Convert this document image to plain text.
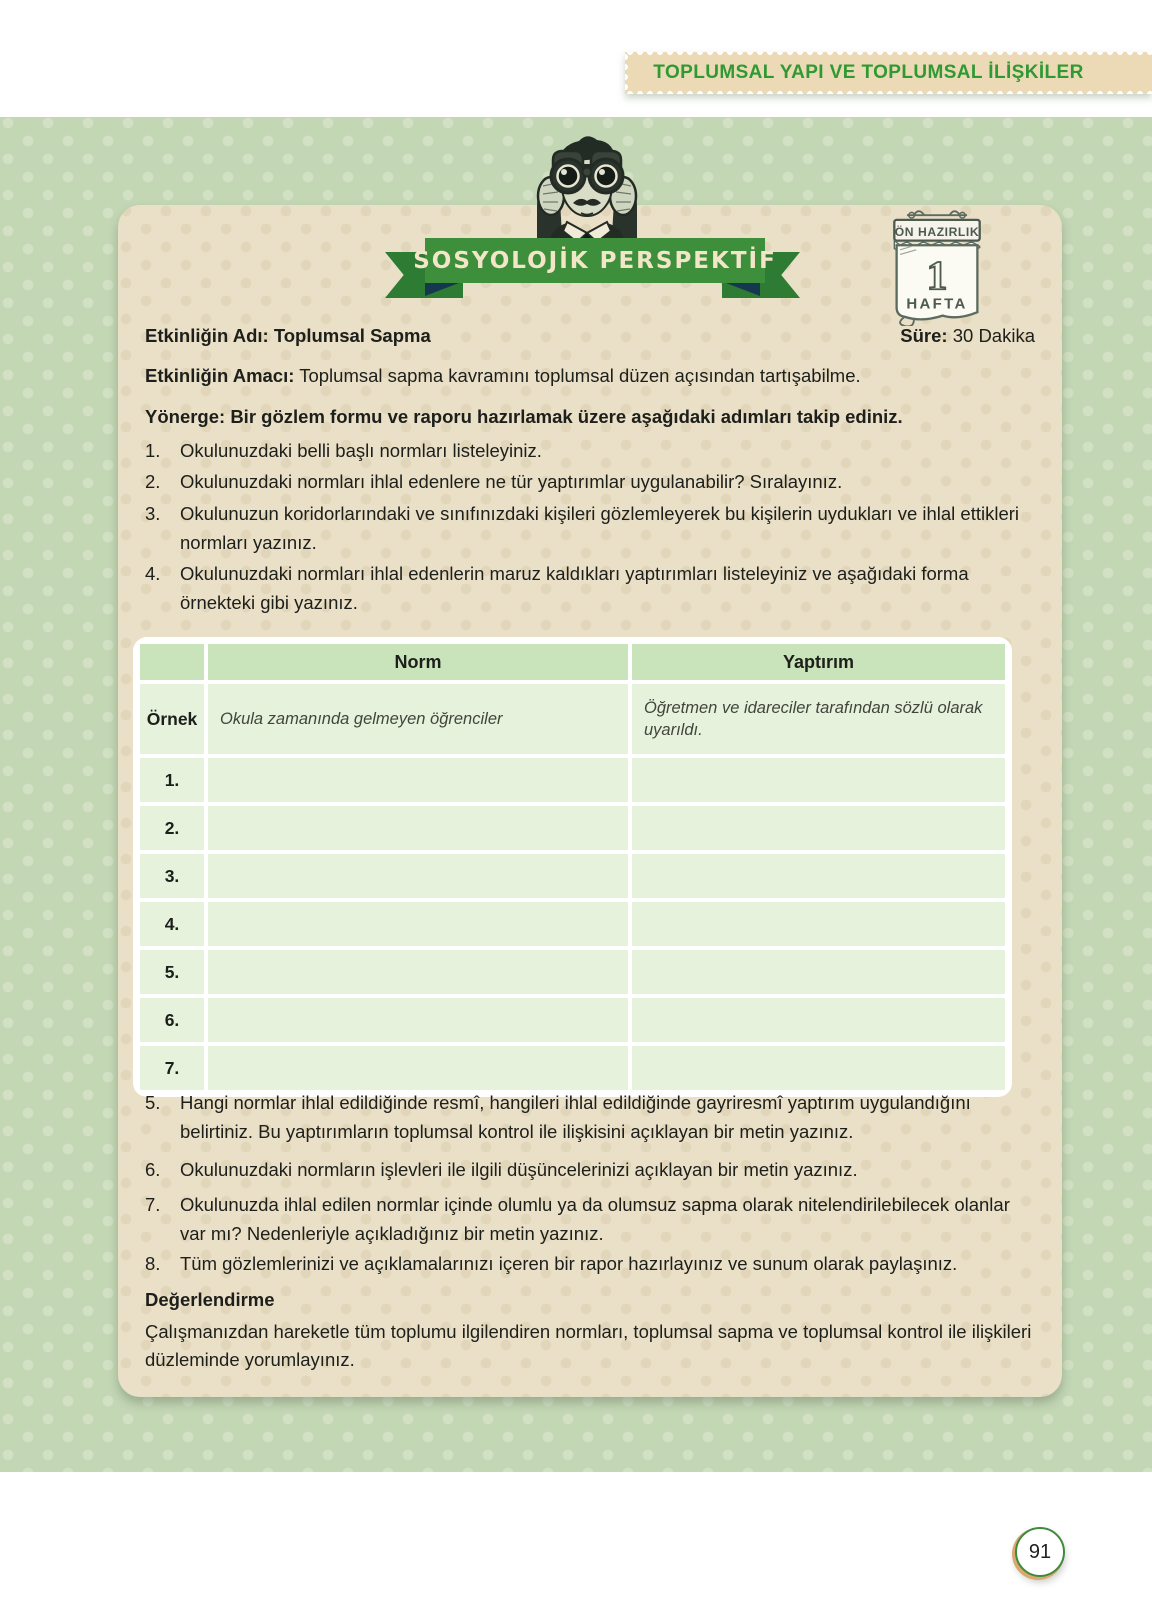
TOPLUMSAL YAPI VE TOPLUMSAL İLİŞKİLER
Etkinliğin Adı: Toplumsal Sapma	Süre: 30 Dakika
Etkinliğin Amacı: Toplumsal sapma kavramını toplumsal düzen açısından tartışabilme.
Yönerge: Bir gözlem formu ve raporu hazırlamak üzere aşağıdaki adımları takip ediniz.
1.	Okulunuzdaki belli başlı normları listeleyiniz.
2.	Okulunuzdaki normları ihlal edenlere ne tür yaptırımlar uygulanabilir? Sıralayınız.
3.	Okulunuzun koridorlarındaki ve sınıfınızdaki kişileri gözlemleyerek bu kişilerin uydukları ve ihlal ettikleri normları yazınız.
4.	Okulunuzdaki normları ihlal edenlerin maruz kaldıkları yaptırımları listeleyiniz ve aşağıdaki forma örnekteki gibi yazınız.
	Norm	Yaptırım
Örnek	Okula zamanında gelmeyen öğrenciler	Öğretmen ve idareciler tarafından sözlü olarak uyarıldı.
1.		
2.		
3.		
4.		
5.		
6.		
7.		
5.	Hangi normlar ihlal edildiğinde resmî, hangileri ihlal edildiğinde gayriresmî yaptırım uygulandığını belirtiniz. Bu yaptırımların toplumsal kontrol ile ilişkisini açıklayan bir metin yazınız.
6.	Okulunuzdaki normların işlevleri ile ilgili düşüncelerinizi açıklayan bir metin yazınız.
7.	Okulunuzda ihlal edilen normlar içinde olumlu ya da olumsuz sapma olarak nitelendirilebilecek olanlar var mı? Nedenleriyle açıkladığınız bir metin yazınız.
8.	Tüm gözlemlerinizi ve açıklamalarınızı içeren bir rapor hazırlayınız ve sunum olarak paylaşınız.
Değerlendirme
Çalışmanızdan hareketle tüm toplumu ilgilendiren normları, toplumsal sapma ve toplumsal kontrol ile ilişkileri düzleminde yorumlayınız.
SOSYOLOJİK PERSPEKTİF
ÖN HAZIRLIK
1
HAFTA
91
